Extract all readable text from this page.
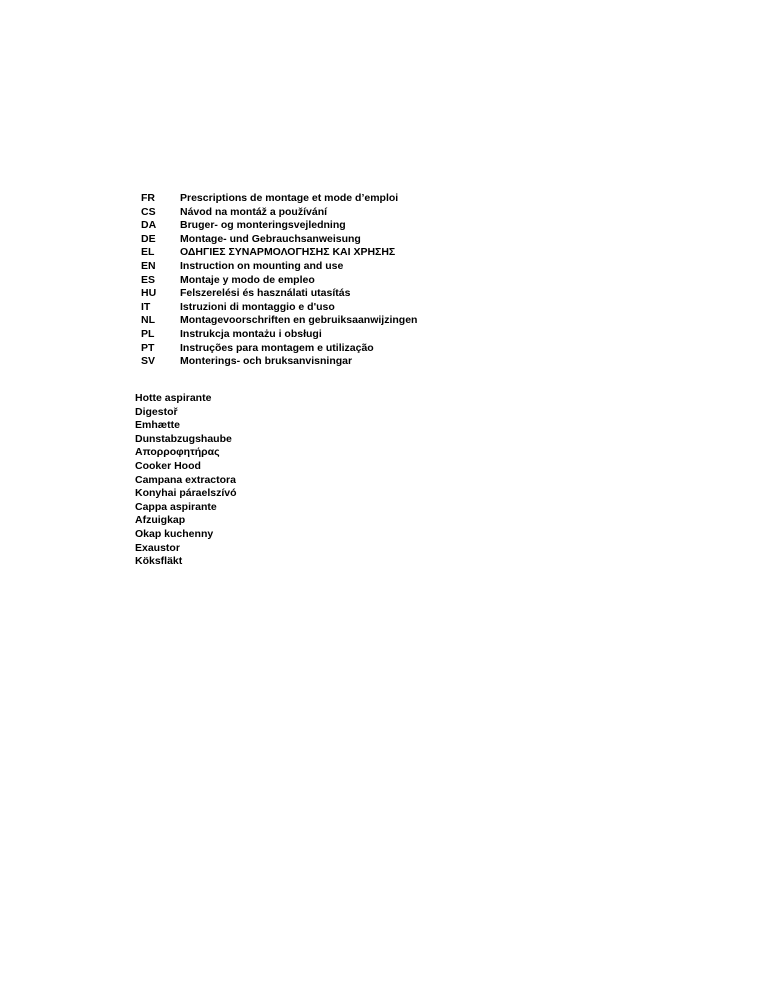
FR	Prescriptions de montage et mode d’emploi
CS	Návod na montáž a používání
DA	Bruger- og monteringsvejledning
DE	Montage- und Gebrauchsanweisung
EL	ΟΔΗΓΙΕΣ ΣΥΝΑΡΜΟΛΟΓΗΣΗΣ ΚΑΙ ΧΡΗΣΗΣ
EN	Instruction on mounting and use
ES	Montaje y modo de empleo
HU	Felszerelési és használati utasítás
IT	Istruzioni di montaggio e d'uso
NL	Montagevoorschriften en gebruiksaanwijzingen
PL	Instrukcja montażu i obsługi
PT	Instruções para montagem e utilização
SV	Monterings- och bruksanvisningar
Hotte aspirante
Digestoř
Emhætte
Dunstabzugshaube
Απορροφητήρας
Cooker Hood
Campana extractora
Konyhai páraelszívó
Cappa aspirante
Afzuigkap
Okap kuchenny
Exaustor
Köksfläkt
